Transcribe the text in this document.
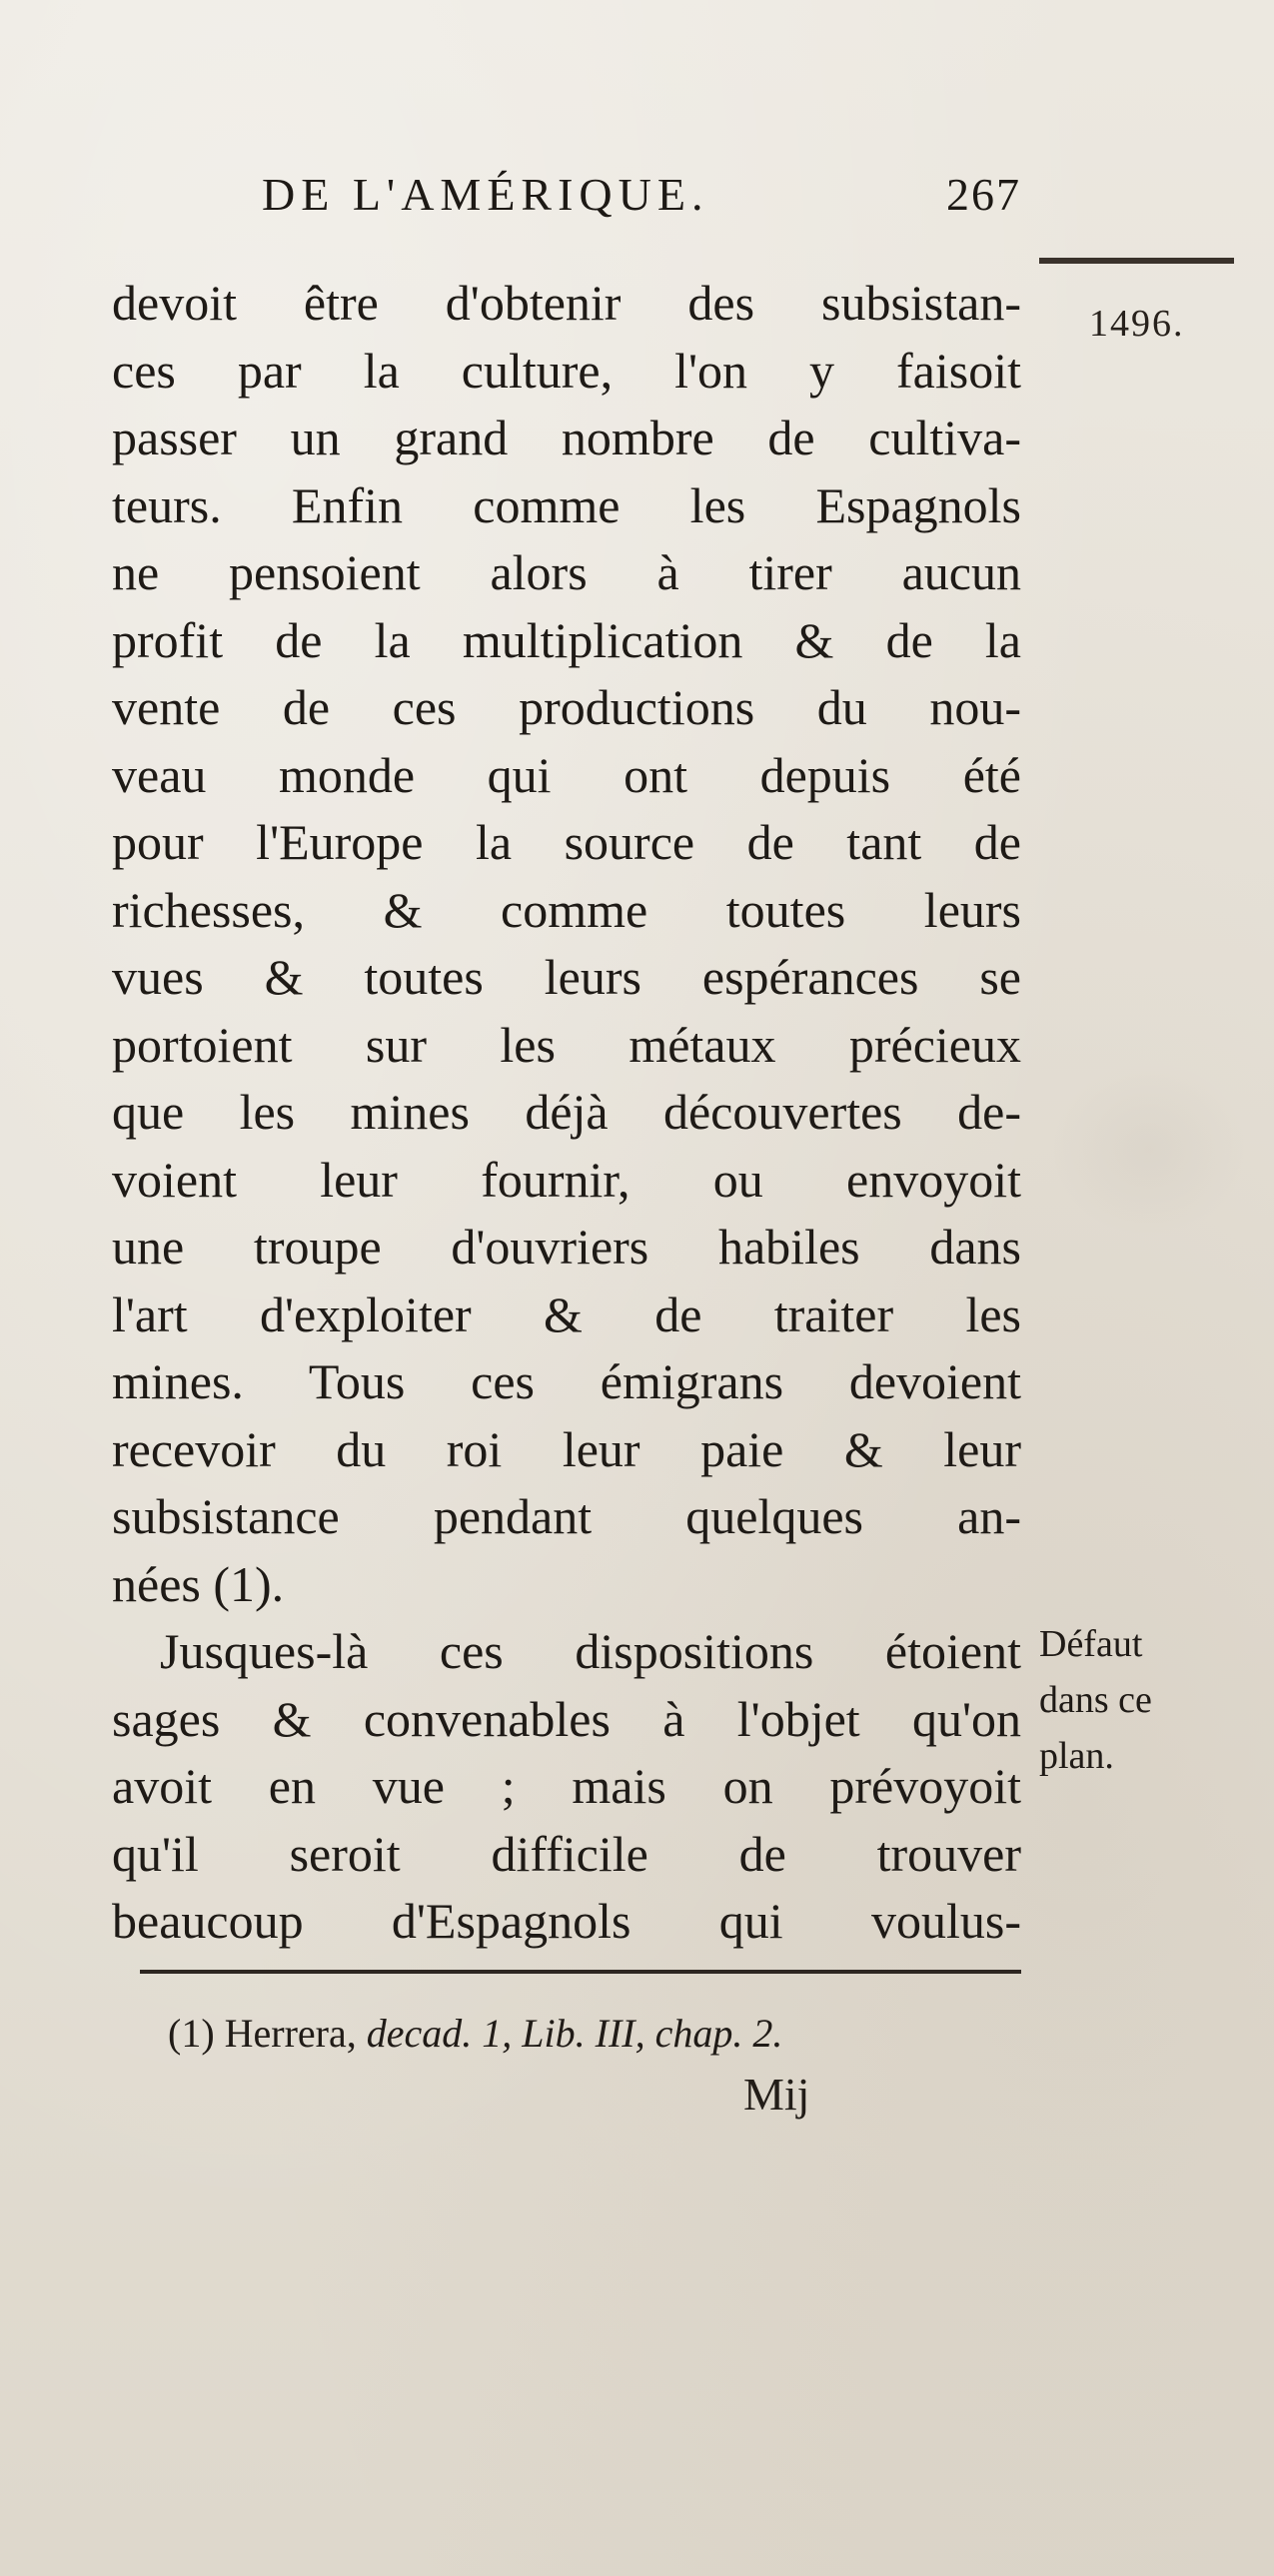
DE L'AMÉRIQUE.	267
1496.
devoit être d'obtenir des subsistan-
ces par la culture, l'on y faisoit
passer un grand nombre de cultiva-
teurs. Enfin comme les Espagnols
ne pensoient alors à tirer aucun
profit de la multiplication & de la
vente de ces productions du nou-
veau monde qui ont depuis été
pour l'Europe la source de tant de
richesses, & comme toutes leurs
vues & toutes leurs espérances se
portoient sur les métaux précieux
que les mines déjà découvertes de-
voient leur fournir, ou envoyoit
une troupe d'ouvriers habiles dans
l'art d'exploiter & de traiter les
mines. Tous ces émigrans devoient
recevoir du roi leur paie & leur
subsistance pendant quelques an-
nées (1).
Jusques-là ces dispositions étoient
sages & convenables à l'objet qu'on
avoit en vue ; mais on prévoyoit
qu'il seroit difficile de trouver
beaucoup d'Espagnols qui voulus-
Défaut
dans ce
plan.
(1) Herrera, decad. 1, Lib. III, chap. 2.
Mij
